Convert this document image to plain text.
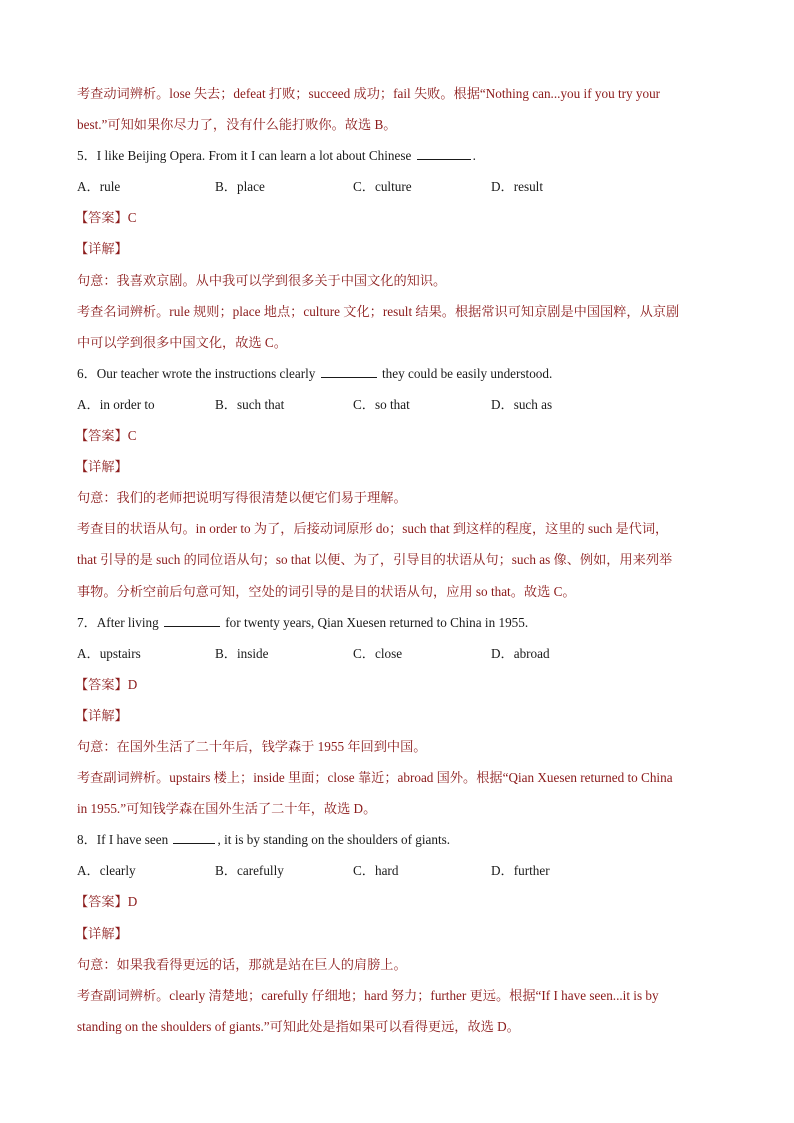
考查动词辨析。lose 失去；defeat 打败；succeed 成功；fail 失败。根据“Nothing can...you if you try your
best.”可知如果你尽力了，没有什么能打败你。故选 B。
5．I like Beijing Opera. From it I can learn a lot about Chinese	.
A．rule	B．place	C．culture	D．result
【答案】C
【详解】
句意：我喜欢京剧。从中我可以学到很多关于中国文化的知识。
考查名词辨析。rule 规则；place 地点；culture 文化；result 结果。根据常识可知京剧是中国国粹，从京剧
中可以学到很多中国文化，故选 C。
6．Our teacher wrote the instructions clearly	they could be easily understood.
A．in order to	B．such that	C．so that	D．such as
【答案】C
【详解】
句意：我们的老师把说明写得很清楚以便它们易于理解。
考查目的状语从句。in order to 为了，后接动词原形 do；such that 到这样的程度，这里的 such 是代词，
that 引导的是 such 的同位语从句；so that 以便、为了，引导目的状语从句；such as 像、例如，用来列举
事物。分析空前后句意可知，空处的词引导的是目的状语从句，应用 so that。故选 C。
7．After living	for twenty years, Qian Xuesen returned to China in 1955.
A．upstairs	B．inside	C．close	D．abroad
【答案】D
【详解】
句意：在国外生活了二十年后，钱学森于 1955 年回到中国。
考查副词辨析。upstairs 楼上；inside 里面；close 靠近；abroad 国外。根据“Qian Xuesen returned to China
in 1955.”可知钱学森在国外生活了二十年，故选 D。
8．If I have seen	, it is by standing on the shoulders of giants.
A．clearly	B．carefully	C．hard	D．further
【答案】D
【详解】
句意：如果我看得更远的话，那就是站在巨人的肩膀上。
考查副词辨析。clearly 清楚地；carefully 仔细地；hard 努力；further 更远。根据“If I have seen...it is by
standing on the shoulders of giants.”可知此处是指如果可以看得更远，故选 D。
